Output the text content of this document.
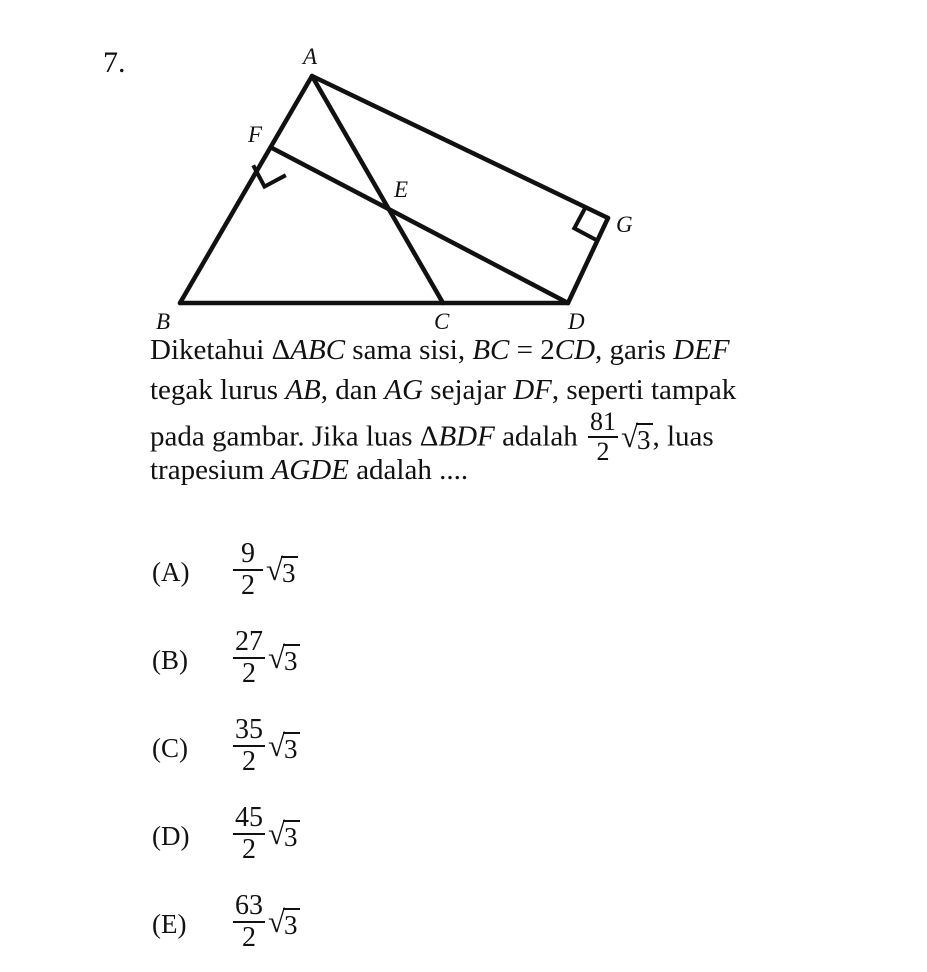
7.	A
B	C	D
E
F
G
Diketahui ΔABC sama sisi, BC = 2CD, garis DEF
tegak lurus AB, dan AG sejajar DF, seperti tampak
pada gambar. Jika luas ΔBDF adalah $\frac{81}{2}$ √ 3 , luas
trapesium AGDE adalah ....
(A)	$\frac{9}{2}$ √ 3
(B)	$\frac{27}{2}$ √ 3
(C)	$\frac{35}{2}$ √ 3
(D)	$\frac{45}{2}$ √ 3
(E)	$\frac{63}{2}$ √ 3
